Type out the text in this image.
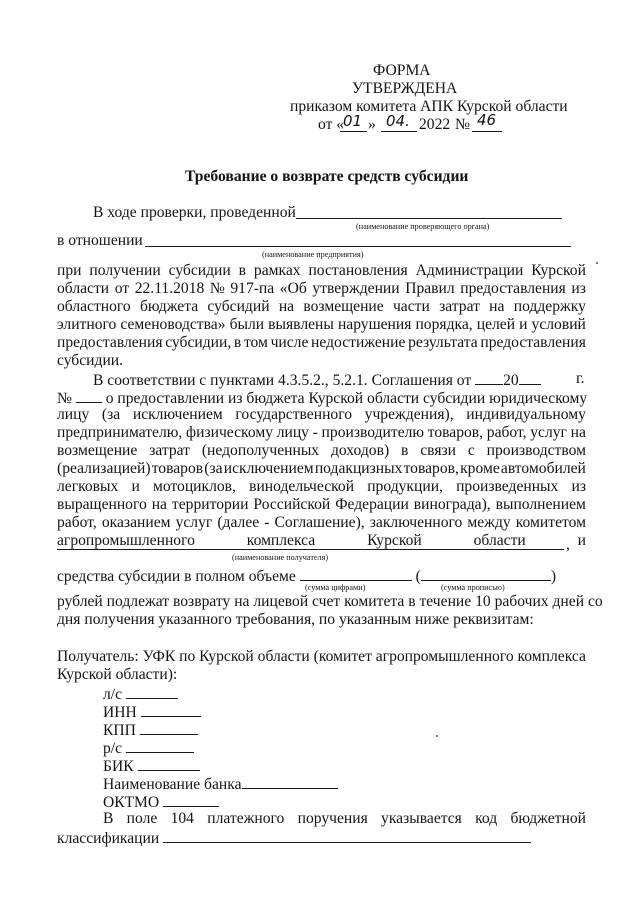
ФОРМА
УТВЕРЖДЕНА
приказом комитета АПК Курской области
от «
01 » 04. 2022 № 46
Требование о возврате средств субсидии
В ходе проверки, проведенной
(наименование проверяющего органа)
в отношении
(наименование предприятия)
при получении субсидии в рамках постановления Администрации Курской
области от 22.11.2018 № 917-па «Об утверждении Правил предоставления из
областного бюджета субсидий на возмещение части затрат на поддержку
элитного семеноводства» были выявлены нарушения порядка, целей и условий
предоставления субсидии, в том числе недостижение результата предоставления
субсидии.
В соответствии с пунктами 4.3.5.2., 5.2.1. Соглашения от 20	г.
№ о предоставлении из бюджета Курской области субсидии юридическому
лицу (за исключением государственного учреждения), индивидуальному
предпринимателю, физическому лицу - производителю товаров, работ, услуг на
возмещение затрат (недополученных доходов) в связи с производством
(реализацией) товаров (за исключением подакцизных товаров, кроме автомобилей
легковых и мотоциклов, винодельческой продукции, произведенных из
выращенного на территории Российской Федерации винограда), выполнением
работ, оказанием услуг (далее - Соглашение), заключенного между комитетом
агропромышленного	комплекса	Курской	области	и
,
(наименование получателя)
средства субсидии в полном объеме	(	)
(сумма цифрами)	(сумма прописью)
рублей подлежат возврату на лицевой счет комитета в течение 10 рабочих дней со
дня получения указанного требования, по указанным ниже реквизитам:
Получатель: УФК по Курской области (комитет агропромышленного комплекса
Курской области):
л/с
ИНН
КПП
р/с
БИК
Наименование банка
ОКТМО
В поле 104 платежного поручения указывается код бюджетной
классификации
